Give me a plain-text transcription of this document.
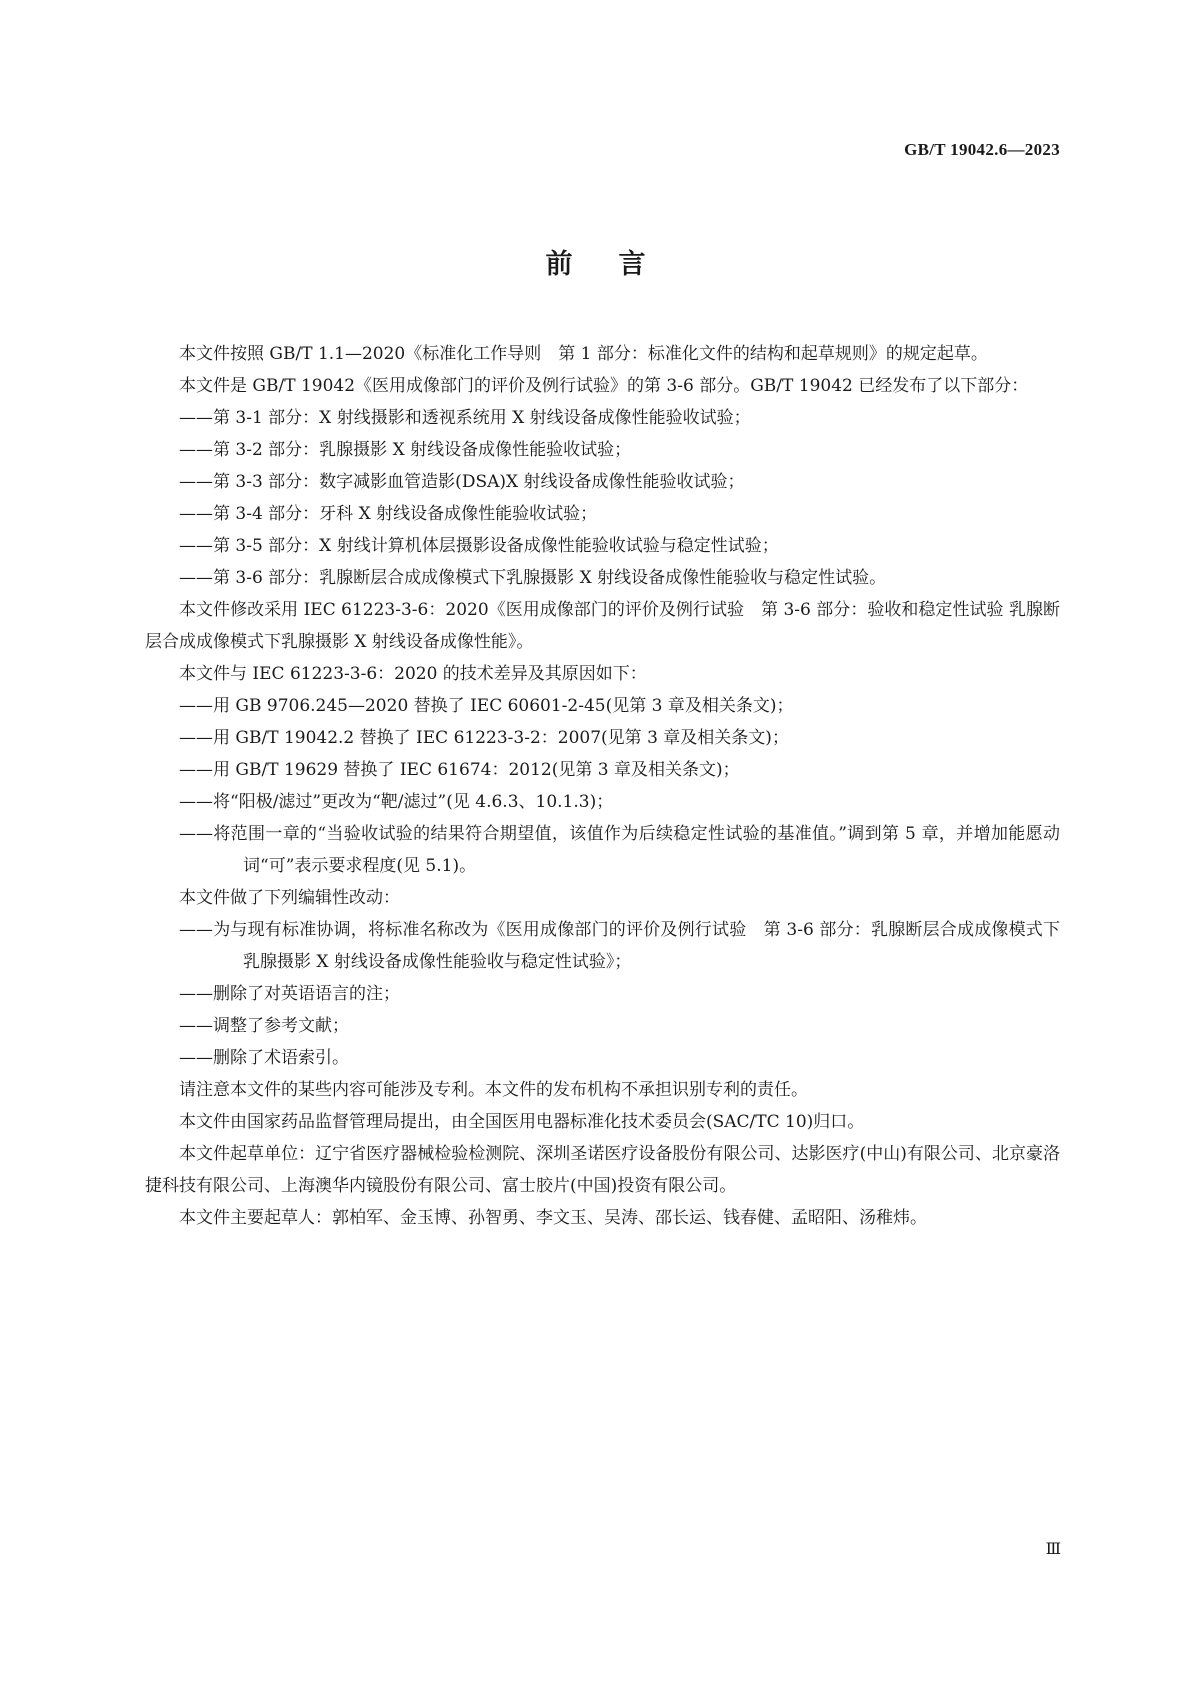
GB/T 19042.6—2023
前言

本文件按照 GB/T 1.1—2020《标准化工作导则　第 1 部分：标准化文件的结构和起草规则》的规定起草。

本文件是 GB/T 19042《医用成像部门的评价及例行试验》的第 3-6 部分。GB/T 19042 已经发布了以下部分：

——第 3-1 部分：X 射线摄影和透视系统用 X 射线设备成像性能验收试验；

——第 3-2 部分：乳腺摄影 X 射线设备成像性能验收试验；

——第 3-3 部分：数字减影血管造影(DSA)X 射线设备成像性能验收试验；

——第 3-4 部分：牙科 X 射线设备成像性能验收试验；

——第 3-5 部分：X 射线计算机体层摄影设备成像性能验收试验与稳定性试验；

——第 3-6 部分：乳腺断层合成成像模式下乳腺摄影 X 射线设备成像性能验收与稳定性试验。

本文件修改采用 IEC 61223-3-6：2020《医用成像部门的评价及例行试验　第 3-6 部分：验收和稳定性试验 乳腺断层合成成像模式下乳腺摄影 X 射线设备成像性能》。

本文件与 IEC 61223-3-6：2020 的技术差异及其原因如下：

——用 GB 9706.245—2020 替换了 IEC 60601-2-45(见第 3 章及相关条文)；

——用 GB/T 19042.2 替换了 IEC 61223-3-2：2007(见第 3 章及相关条文)；

——用 GB/T 19629 替换了 IEC 61674：2012(见第 3 章及相关条文)；

——将“阳极/滤过”更改为“靶/滤过”(见 4.6.3、10.1.3)；

——将范围一章的“当验收试验的结果符合期望值，该值作为后续稳定性试验的基准值。”调到第 5 章，并增加能愿动词“可”表示要求程度(见 5.1)。

本文件做了下列编辑性改动：

——为与现有标准协调，将标准名称改为《医用成像部门的评价及例行试验　第 3-6 部分：乳腺断层合成成像模式下乳腺摄影 X 射线设备成像性能验收与稳定性试验》；

——删除了对英语语言的注；

——调整了参考文献；

——删除了术语索引。

请注意本文件的某些内容可能涉及专利。本文件的发布机构不承担识别专利的责任。

本文件由国家药品监督管理局提出，由全国医用电器标准化技术委员会(SAC/TC 10)归口。

本文件起草单位：辽宁省医疗器械检验检测院、深圳圣诺医疗设备股份有限公司、达影医疗(中山)有限公司、北京豪洛捷科技有限公司、上海澳华内镜股份有限公司、富士胶片(中国)投资有限公司。

本文件主要起草人：郭柏军、金玉博、孙智勇、李文玉、吴涛、邵长运、钱春健、孟昭阳、汤稚炜。

Ⅲ
